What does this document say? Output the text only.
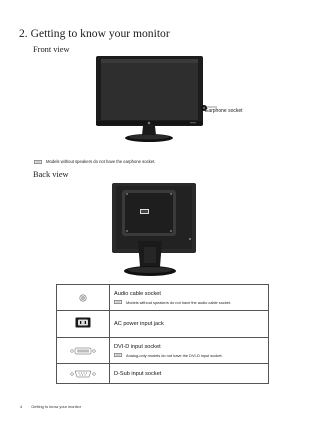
2. Getting to know your monitor
Front view
Earphone socket
Models without speakers do not have the earphone socket.
Back view

Audio cable socket
Models without speakers do not have the audio cable socket.

AC power input jack

DVI-D input socket
Analog-only models do not have the DVI-D input socket.

D-Sub input socket
4 Getting to know your monitor
